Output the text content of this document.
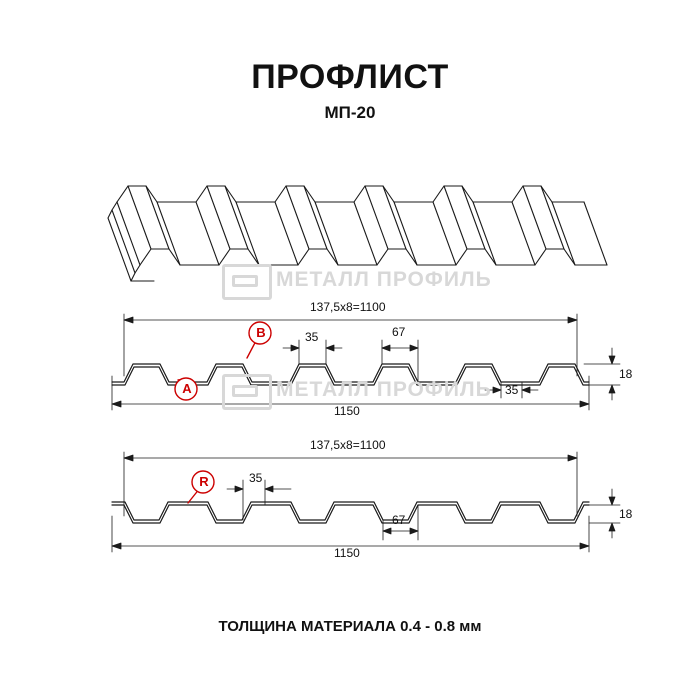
ПРОФЛИСТ
МП-20
137,5x8=1100
1150
18
35	67
35
A
B
137,5x8=1100
1150
18
35
67
R
МЕТАЛЛ ПРОФИЛЬ
МЕТАЛЛ ПРОФИЛЬ
ТОЛЩИНА МАТЕРИАЛА 0.4 - 0.8 мм
